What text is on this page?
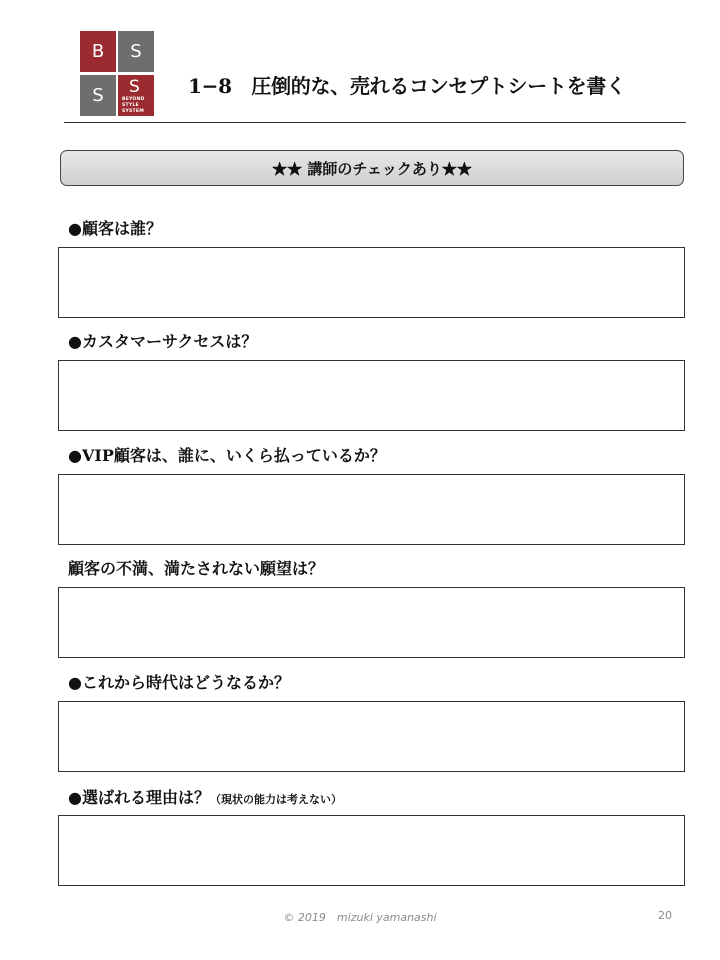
B	S
S	S
BEYOND
STYLE
SYSTEM
1−8　圧倒的な、売れるコンセプトシートを書く
★★ 講師のチェックあり★★
●顧客は誰？
●カスタマーサクセスは？
●VIP顧客は、誰に、いくら払っているか？
顧客の不満、満たされない願望は？
●これから時代はどうなるか？
●選ばれる理由は？（現状の能力は考えない）
© 2019　mizuki yamanashi	20
